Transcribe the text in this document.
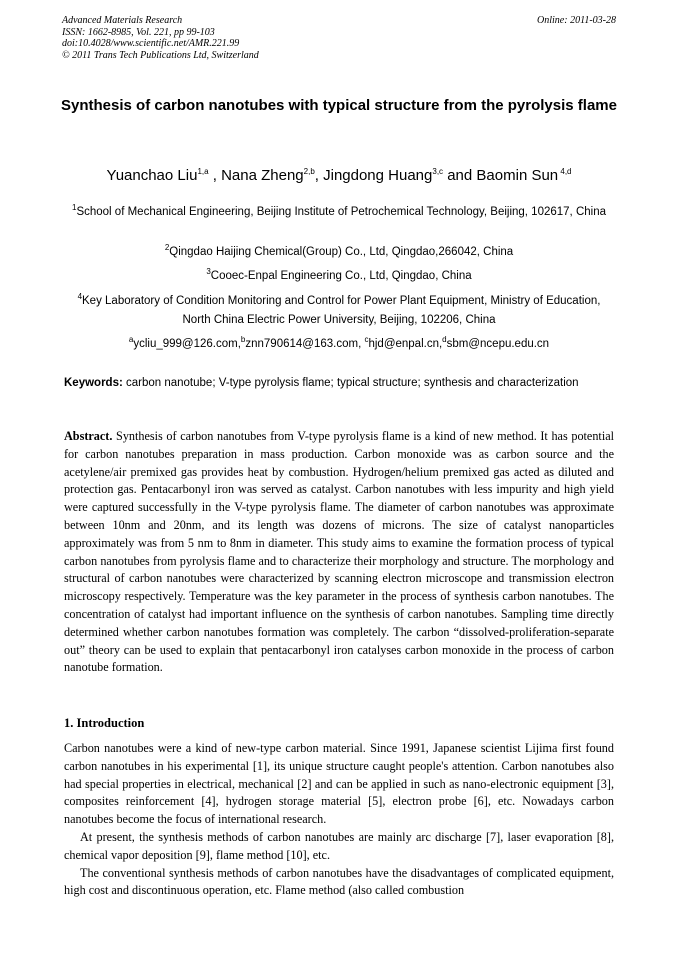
Advanced Materials Research
ISSN: 1662-8985, Vol. 221, pp 99-103
doi:10.4028/www.scientific.net/AMR.221.99
© 2011 Trans Tech Publications Ltd, Switzerland
Online: 2011-03-28
Synthesis of carbon nanotubes with typical structure from the pyrolysis flame
Yuanchao Liu$^{1,a}$ , Nana Zheng$^{2,b}$, Jingdong Huang$^{3,c}$ and Baomin Sun $^{4,d}$
$^1$School of Mechanical Engineering, Beijing Institute of Petrochemical Technology, Beijing, 102617, China
$^2$Qingdao Haijing Chemical(Group) Co., Ltd, Qingdao,266042, China
$^3$Cooec-Enpal Engineering Co., Ltd, Qingdao, China
$^4$Key Laboratory of Condition Monitoring and Control for Power Plant Equipment, Ministry of Education, North China Electric Power University, Beijing, 102206, China
$^a$ycliu_999@126.com,$^b$znn790614@163.com, $^c$hjd@enpal.cn,$^d$sbm@ncepu.edu.cn
Keywords: carbon nanotube; V-type pyrolysis flame; typical structure; synthesis and characterization

Abstract. Synthesis of carbon nanotubes from V-type pyrolysis flame is a kind of new method. It has potential for carbon nanotubes preparation in mass production. Carbon monoxide was as carbon source and the acetylene/air premixed gas provides heat by combustion. Hydrogen/helium premixed gas acted as diluted and protection gas. Pentacarbonyl iron was served as catalyst. Carbon nanotubes with less impurity and high yield were captured successfully in the V-type pyrolysis flame. The diameter of carbon nanotubes was approximate between 10nm and 20nm, and its length was dozens of microns. The size of catalyst nanoparticles approximately was from 5 nm to 8nm in diameter. This study aims to examine the formation process of typical carbon nanotubes from pyrolysis flame and to characterize their morphology and structure. The morphology and structural of carbon nanotubes were characterized by scanning electron microscope and transmission electron microscopy respectively. Temperature was the key parameter in the process of synthesis carbon nanotubes. The concentration of catalyst had important influence on the synthesis of carbon nanotubes. Sampling time directly determined whether carbon nanotubes formation was completely. The carbon “dissolved-proliferation-separate out” theory can be used to explain that pentacarbonyl iron catalyses carbon monoxide in the process of carbon nanotube formation.

1. Introduction

Carbon nanotubes were a kind of new-type carbon material. Since 1991, Japanese scientist Lijima first found carbon nanotubes in his experimental [1], its unique structure caught people's attention. Carbon nanotubes also had special properties in electrical, mechanical [2] and can be applied in such as nano-electronic equipment [3], composites reinforcement [4], hydrogen storage material [5], electron probe [6], etc. Nowadays carbon nanotubes become the focus of international research.

At present, the synthesis methods of carbon nanotubes are mainly arc discharge [7], laser evaporation [8], chemical vapor deposition [9], flame method [10], etc.

The conventional synthesis methods of carbon nanotubes have the disadvantages of complicated equipment, high cost and discontinuous operation, etc. Flame method (also called combustion
